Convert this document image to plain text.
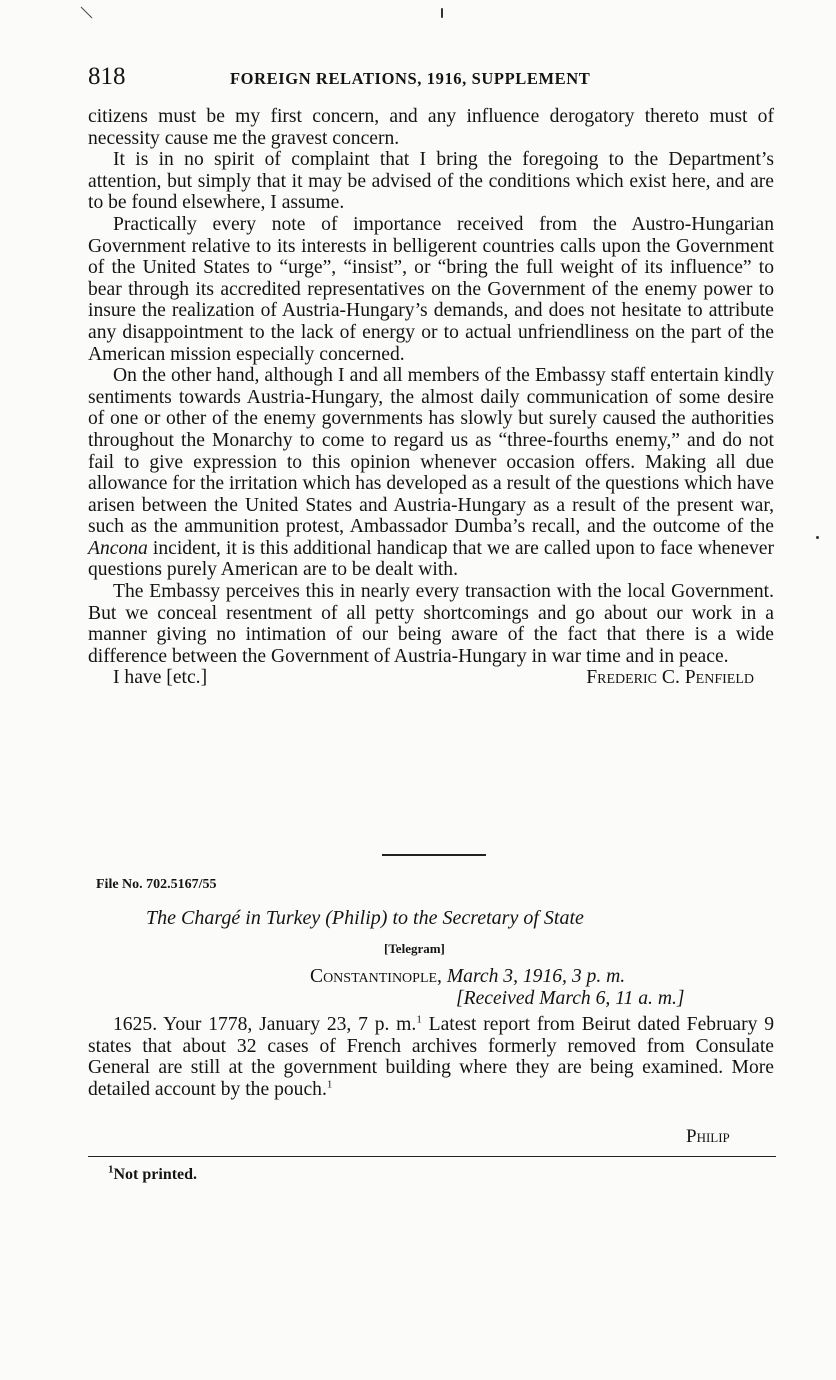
818	FOREIGN RELATIONS, 1916, SUPPLEMENT

citizens must be my first concern, and any influence derogatory thereto must of necessity cause me the gravest concern.

It is in no spirit of complaint that I bring the foregoing to the Department’s attention, but simply that it may be advised of the conditions which exist here, and are to be found elsewhere, I assume.

Practically every note of importance received from the Austro-Hungarian Government relative to its interests in belligerent countries calls upon the Government of the United States to “urge”, “insist”, or “bring the full weight of its influence” to bear through its accredited representatives on the Government of the enemy power to insure the realization of Austria-Hungary’s demands, and does not hesitate to attribute any disappointment to the lack of energy or to actual unfriendliness on the part of the American mission especially concerned.

On the other hand, although I and all members of the Embassy staff entertain kindly sentiments towards Austria-Hungary, the almost daily communication of some desire of one or other of the enemy governments has slowly but surely caused the authorities throughout the Monarchy to come to regard us as “three-fourths enemy,” and do not fail to give expression to this opinion whenever occasion offers. Making all due allowance for the irritation which has developed as a result of the questions which have arisen between the United States and Austria-Hungary as a result of the present war, such as the ammunition protest, Ambassador Dumba’s recall, and the outcome of the Ancona incident, it is this additional handicap that we are called upon to face whenever questions purely American are to be dealt with.

The Embassy perceives this in nearly every transaction with the local Government. But we conceal resentment of all petty shortcomings and go about our work in a manner giving no intimation of our being aware of the fact that there is a wide difference between the Government of Austria-Hungary in war time and in peace.

I have [etc.]	Frederic C. Penfield
File No. 702.5167/55
The Chargé in Turkey (Philip) to the Secretary of State
[Telegram]
Constantinople, March 3, 1916, 3 p. m.
[Received March 6, 11 a. m.]

1625. Your 1778, January 23, 7 p. m.$^1$ Latest report from Beirut dated February 9 states that about 32 cases of French archives formerly removed from Consulate General are still at the government building where they are being examined. More detailed account by the pouch.$^1$

Philip
$^1$Not printed.
